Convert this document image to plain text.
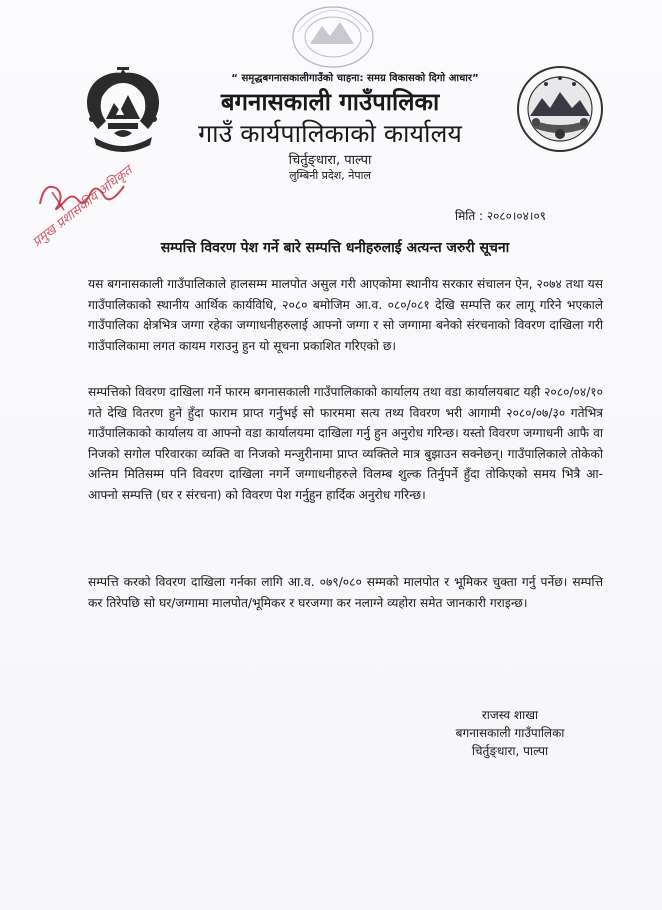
“ समृद्धबगनासकालीगाउँको चाहना: समग्र विकासको दिगो आधार”
बगनासकाली गाउँपालिका
गाउँ कार्यपालिकाको कार्यालय
चिर्तुङ्धारा, पाल्पा
लुम्बिनी प्रदेश, नेपाल
प्रमुख प्रशासकीय अधिकृत	मिति : २०८०।०४।०९
सम्पत्ति विवरण पेश गर्ने बारे सम्पत्ति धनीहरुलाई अत्यन्त जरुरी सूचना

यस बगनासकाली गाउँपालिकाले हालसम्म मालपोत असुल गरी आएकोमा स्थानीय सरकार संचालन ऐन, २०७४ तथा यस गाउँपालिकाको स्थानीय आर्थिक कार्यविधि, २०८० बमोजिम आ.व. ०८०/०८१ देखि सम्पत्ति कर लागू गरिने भएकाले गाउँपालिका क्षेत्रभित्र जग्गा रहेका जग्गाधनीहरुलाई आफ्नो जग्गा र सो जग्गामा बनेको संरचनाको विवरण दाखिला गरी गाउँपालिकामा लगत कायम गराउनु हुन यो सूचना प्रकाशित गरिएको छ।

सम्पत्तिको विवरण दाखिला गर्ने फारम बगनासकाली गाउँपालिकाको कार्यालय तथा वडा कार्यालयबाट यही २०८०/०४/१० गते देखि वितरण हुने हुँदा फाराम प्राप्त गर्नुभई सो फारममा सत्य तथ्य विवरण भरी आगामी २०८०/०७/३० गतेभित्र गाउँपालिकाको कार्यालय वा आफ्नो वडा कार्यालयमा दाखिला गर्नु हुन अनुरोध गरिन्छ। यस्तो विवरण जग्गाधनी आफै वा निजको सगोल परिवारका व्यक्ति वा निजको मन्जुरीनामा प्राप्त व्यक्तिले मात्र बुझाउन सक्नेछन्। गाउँपालिकाले तोकेको अन्तिम मितिसम्म पनि विवरण दाखिला नगर्ने जग्गाधनीहरुले विलम्ब शुल्क तिर्नुपर्ने हुँदा तोकिएको समय भित्रै आ-आफ्नो सम्पत्ति (घर र संरचना) को विवरण पेश गर्नुहुन हार्दिक अनुरोध गरिन्छ।

सम्पत्ति करको विवरण दाखिला गर्नका लागि आ.व. ०७९/०८० सम्मको मालपोत र भूमिकर चुक्ता गर्नु पर्नेछ। सम्पत्ति कर तिरेपछि सो घर/जग्गामा मालपोत/भूमिकर र घरजग्गा कर नलाग्ने व्यहोरा समेत जानकारी गराइन्छ।

राजस्व शाखा
बगनासकाली गाउँपालिका
चिर्तुङ्धारा, पाल्पा
